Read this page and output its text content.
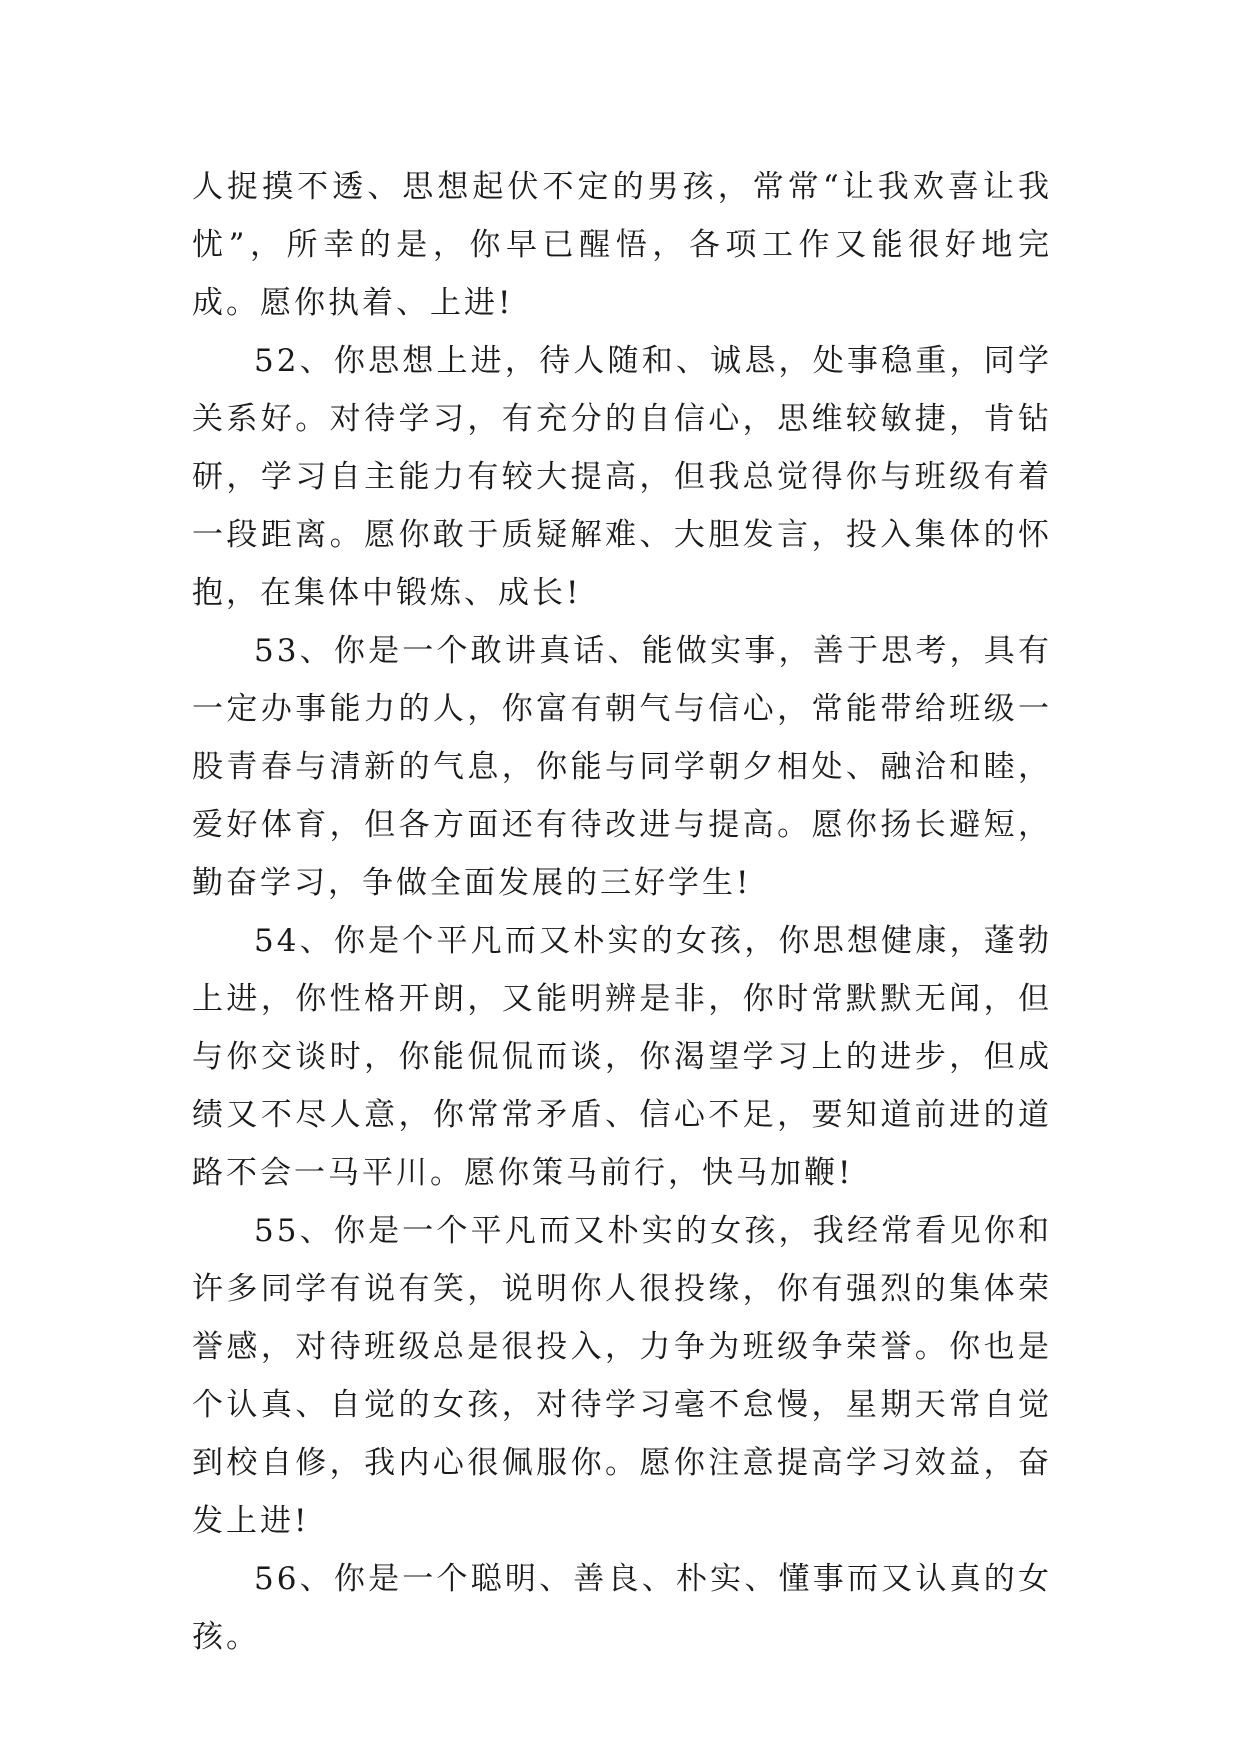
人捉摸不透、思想起伏不定的男孩，常常“让我欢喜让我忧”，所幸的是，你早已醒悟，各项工作又能很好地完成。愿你执着、上进!

52、你思想上进，待人随和、诚恳，处事稳重，同学关系好。对待学习，有充分的自信心，思维较敏捷，肯钻研，学习自主能力有较大提高，但我总觉得你与班级有着一段距离。愿你敢于质疑解难、大胆发言，投入集体的怀抱，在集体中锻炼、成长!

53、你是一个敢讲真话、能做实事，善于思考，具有一定办事能力的人，你富有朝气与信心，常能带给班级一股青春与清新的气息，你能与同学朝夕相处、融洽和睦，爱好体育，但各方面还有待改进与提高。愿你扬长避短，勤奋学习，争做全面发展的三好学生!

54、你是个平凡而又朴实的女孩，你思想健康，蓬勃上进，你性格开朗，又能明辨是非，你时常默默无闻，但与你交谈时，你能侃侃而谈，你渴望学习上的进步，但成绩又不尽人意，你常常矛盾、信心不足，要知道前进的道路不会一马平川。愿你策马前行，快马加鞭!

55、你是一个平凡而又朴实的女孩，我经常看见你和许多同学有说有笑，说明你人很投缘，你有强烈的集体荣誉感，对待班级总是很投入，力争为班级争荣誉。你也是个认真、自觉的女孩，对待学习毫不怠慢，星期天常自觉到校自修，我内心很佩服你。愿你注意提高学习效益，奋发上进!

56、你是一个聪明、善良、朴实、懂事而又认真的女孩。
